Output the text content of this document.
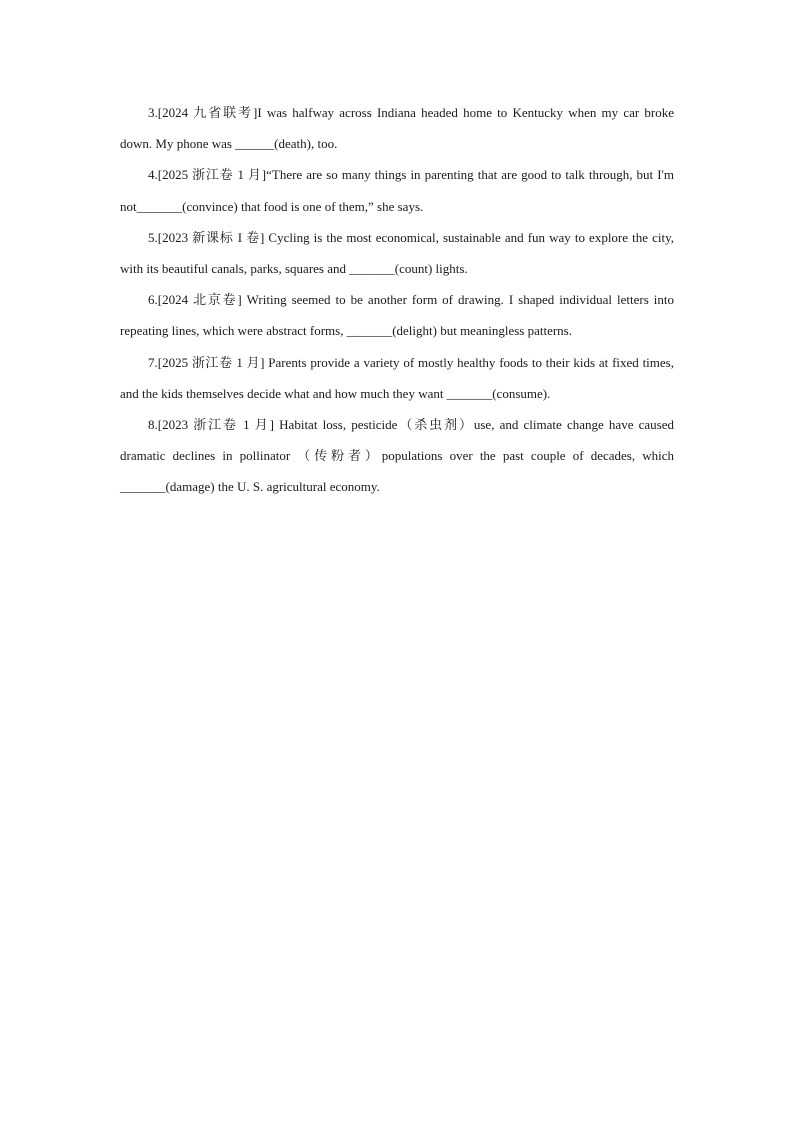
3.[2024 九省联考]I was halfway across Indiana headed home to Kentucky when my car broke down. My phone was ______(death), too.

4.[2025 浙江卷 1 月]“There are so many things in parenting that are good to talk through, but I'm not_______(convince) that food is one of them,” she says.

5.[2023 新课标 I 卷] Cycling is the most economical, sustainable and fun way to explore the city, with its beautiful canals, parks, squares and _______(count) lights.

6.[2024 北京卷] Writing seemed to be another form of drawing. I shaped individual letters into repeating lines, which were abstract forms, _______(delight) but meaningless patterns.

7.[2025 浙江卷 1 月] Parents provide a variety of mostly healthy foods to their kids at fixed times, and the kids themselves decide what and how much they want _______(consume).

8.[2023 浙江卷 1 月] Habitat loss, pesticide（杀虫剂）use, and climate change have caused dramatic declines in pollinator （传粉者）populations over the past couple of decades, which _______(damage) the U. S. agricultural economy.
